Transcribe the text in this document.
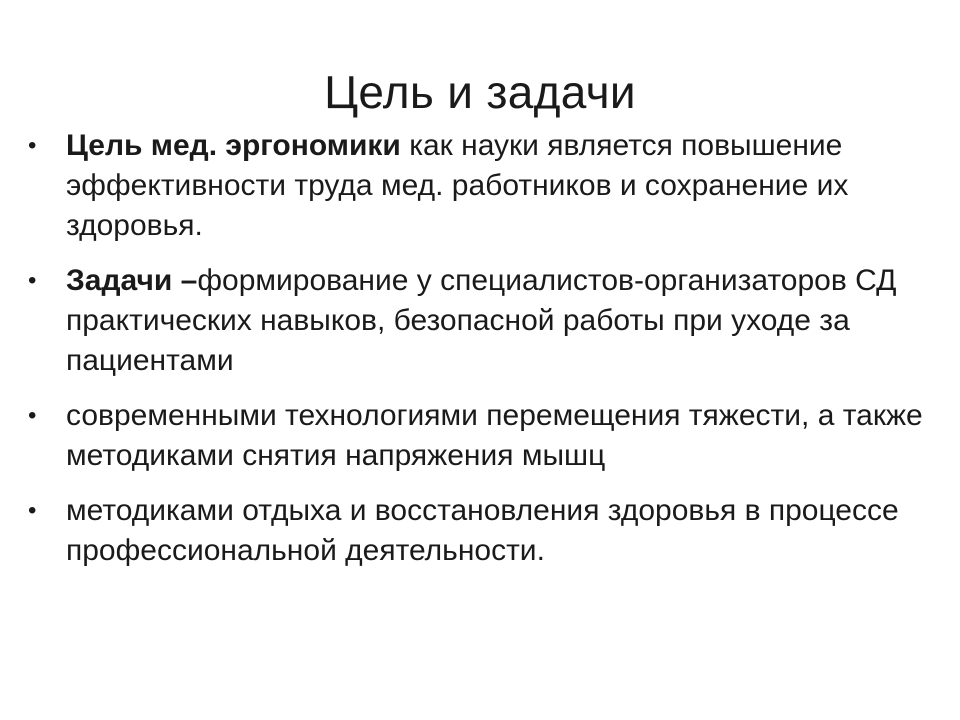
Цель и задачи
• Цель мед. эргономики как науки является повышение эффективности труда мед. работников и сохранение их здоровья.
• Задачи –формирование у специалистов-организаторов СД практических навыков, безопасной работы при уходе за пациентами
• современными технологиями перемещения тяжести, а также методиками снятия напряжения мышц
• методиками отдыха и восстановления здоровья в процессе профессиональной деятельности.
